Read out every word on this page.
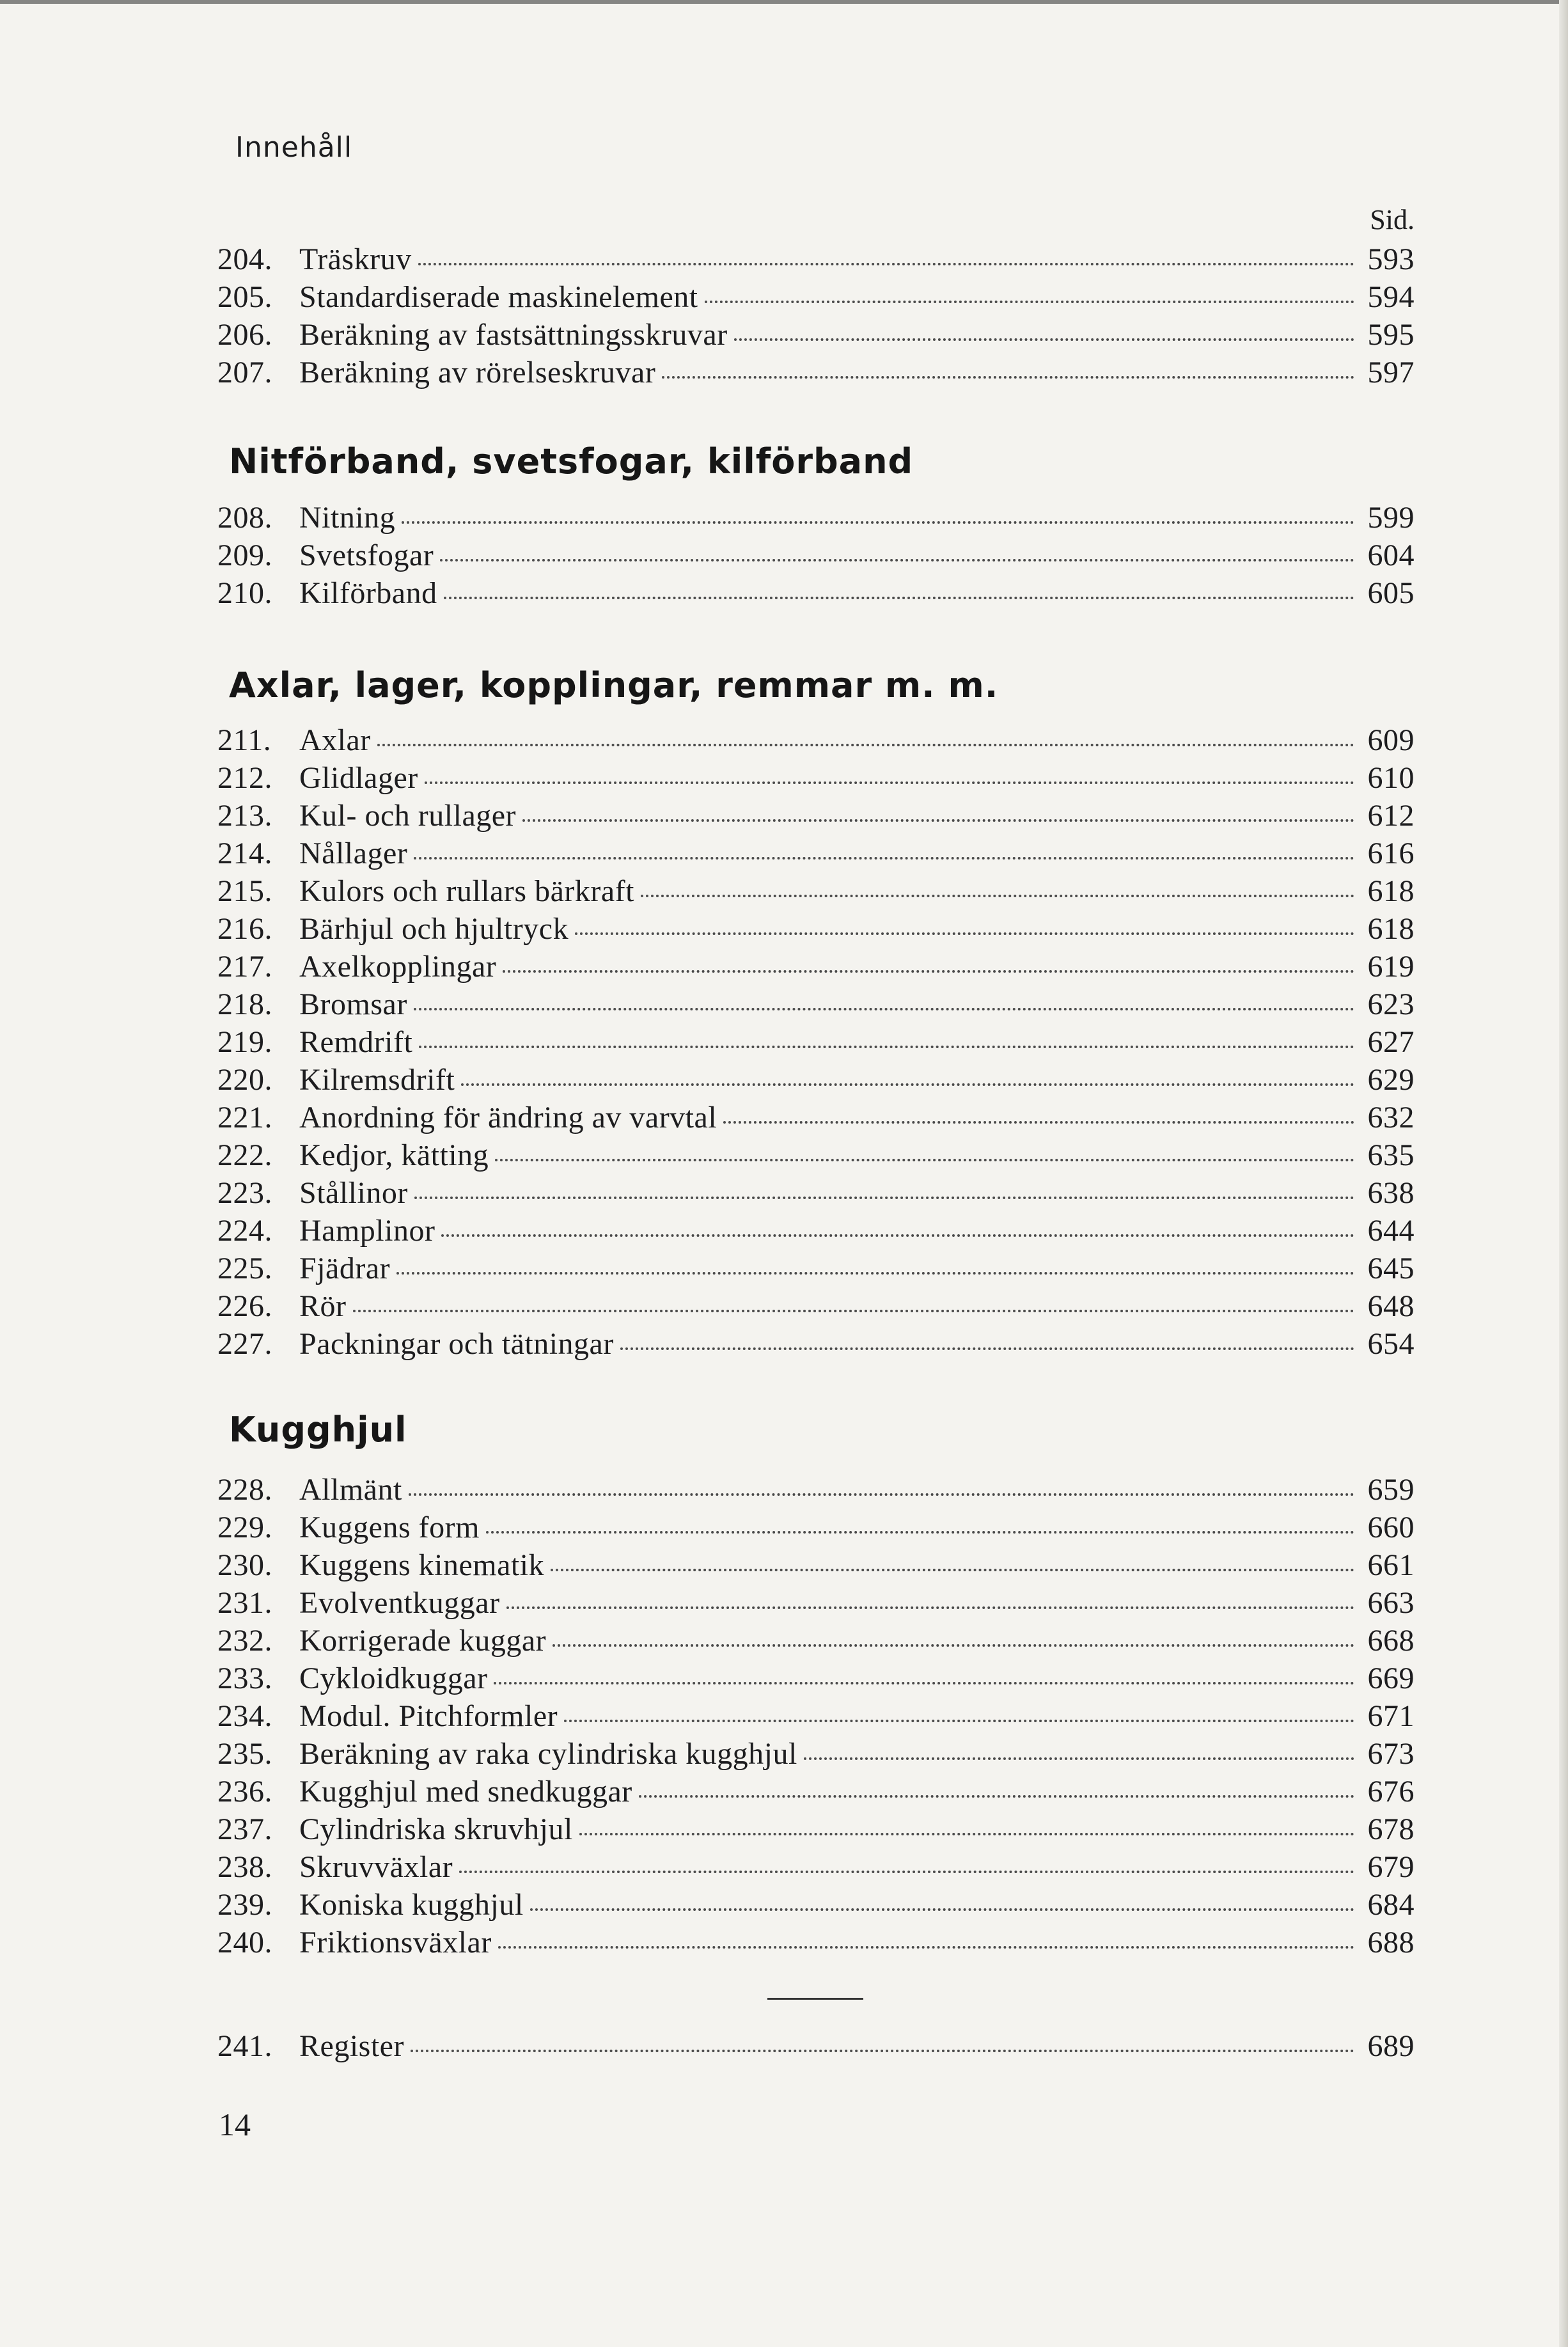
Innehåll
Sid.
204. Träskruv	593
205. Standardiserade maskinelement	594
206. Beräkning av fastsättningsskruvar	595
207. Beräkning av rörelseskruvar	597
Nitförband, svetsfogar, kilförband
208. Nitning	599
209. Svetsfogar	604
210. Kilförband	605
Axlar, lager, kopplingar, remmar m. m.
211. Axlar	609
212. Glidlager	610
213. Kul- och rullager	612
214. Nållager	616
215. Kulors och rullars bärkraft	618
216. Bärhjul och hjultryck	618
217. Axelkopplingar	619
218. Bromsar	623
219. Remdrift	627
220. Kilremsdrift	629
221. Anordning för ändring av varvtal	632
222. Kedjor, kätting	635
223. Stållinor	638
224. Hamplinor	644
225. Fjädrar	645
226. Rör	648
227. Packningar och tätningar	654
Kugghjul
228. Allmänt	659
229. Kuggens form	660
230. Kuggens kinematik	661
231. Evolventkuggar	663
232. Korrigerade kuggar	668
233. Cykloidkuggar	669
234. Modul. Pitchformler	671
235. Beräkning av raka cylindriska kugghjul	673
236. Kugghjul med snedkuggar	676
237. Cylindriska skruvhjul	678
238. Skruvväxlar	679
239. Koniska kugghjul	684
240. Friktionsväxlar	688
241. Register	689
14
